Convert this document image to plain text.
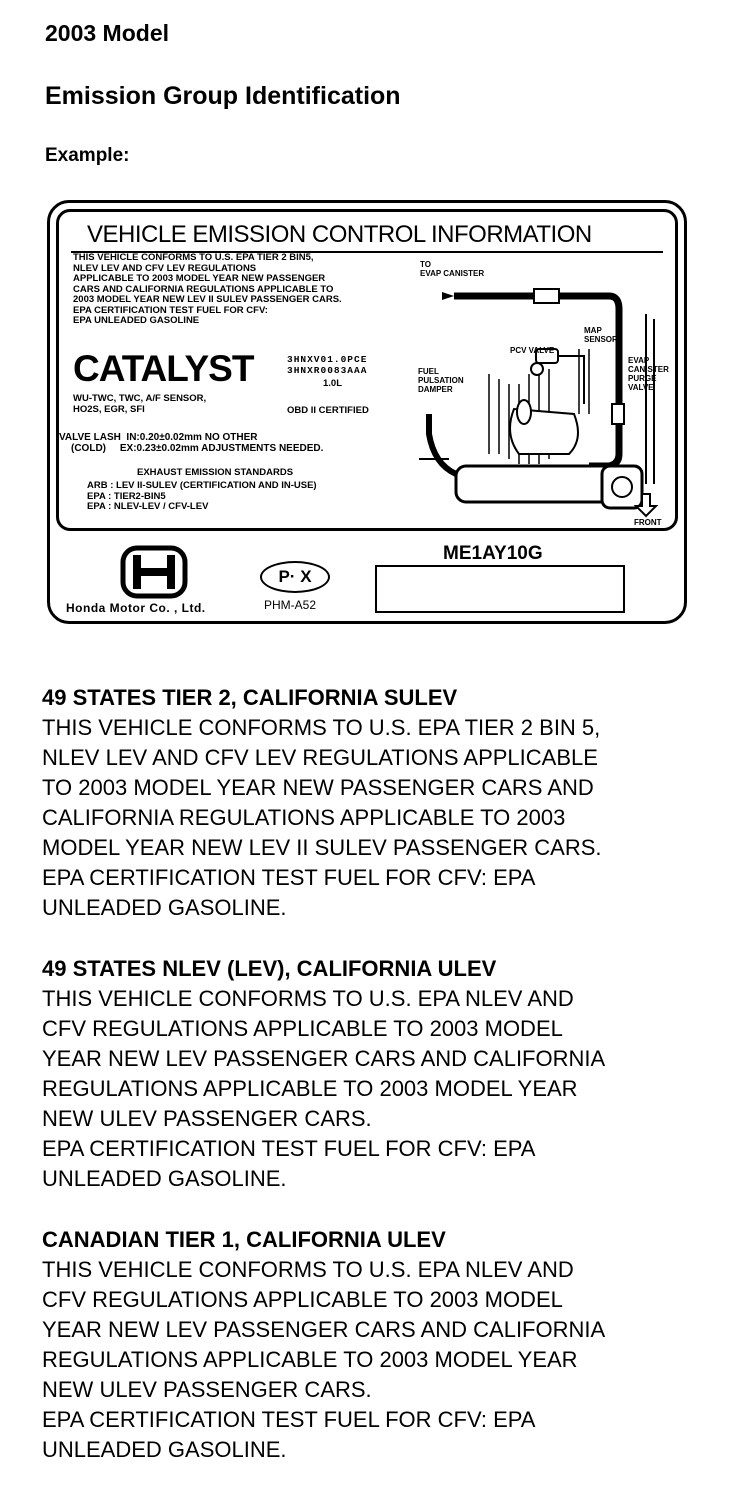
2003 Model
Emission Group Identification
Example:
VEHICLE EMISSION CONTROL INFORMATION
THIS VEHICLE CONFORMS TO U.S. EPA TIER 2 BIN5,
NLEV LEV AND CFV LEV REGULATIONS
APPLICABLE TO 2003 MODEL YEAR NEW PASSENGER
CARS AND CALIFORNIA REGULATIONS APPLICABLE TO
2003 MODEL YEAR NEW LEV II SULEV PASSENGER CARS.
EPA CERTIFICATION TEST FUEL FOR CFV:
EPA UNLEADED GASOLINE
CATALYST	3HNXV01.0PCE
3HNXR0083AAA
1.0L
WU-TWC, TWC, A/F SENSOR,
HO2S, EGR, SFI	OBD II CERTIFIED
VALVE LASH  IN:0.20±0.02mm NO OTHER
(COLD)     EX:0.23±0.02mm ADJUSTMENTS NEEDED.
EXHAUST EMISSION STANDARDS
ARB : LEV II-SULEV (CERTIFICATION AND IN-USE)
EPA : TIER2-BIN5
EPA : NLEV-LEV / CFV-LEV
TO
EVAP CANISTER
MAP
SENSOR
PCV VALVE
FUEL
PULSATION
DAMPER
EVAP
CANISTER
PURGE
VALVE
FRONT
Honda Motor Co. , Ltd.
P· X
PHM-A52
ME1AY10G
49 STATES TIER 2, CALIFORNIA SULEV
THIS VEHICLE CONFORMS TO U.S. EPA TIER 2 BIN 5,
NLEV LEV AND CFV LEV REGULATIONS APPLICABLE
TO 2003 MODEL YEAR NEW PASSENGER CARS AND
CALIFORNIA REGULATIONS APPLICABLE TO 2003
MODEL YEAR NEW LEV II SULEV PASSENGER CARS.
EPA CERTIFICATION TEST FUEL FOR CFV: EPA
UNLEADED GASOLINE.
49 STATES NLEV (LEV), CALIFORNIA ULEV
THIS VEHICLE CONFORMS TO U.S. EPA NLEV AND
CFV REGULATIONS APPLICABLE TO 2003 MODEL
YEAR NEW LEV PASSENGER CARS AND CALIFORNIA
REGULATIONS APPLICABLE TO 2003 MODEL YEAR
NEW ULEV PASSENGER CARS.
EPA CERTIFICATION TEST FUEL FOR CFV: EPA
UNLEADED GASOLINE.
CANADIAN TIER 1, CALIFORNIA ULEV
THIS VEHICLE CONFORMS TO U.S. EPA NLEV AND
CFV REGULATIONS APPLICABLE TO 2003 MODEL
YEAR NEW LEV PASSENGER CARS AND CALIFORNIA
REGULATIONS APPLICABLE TO 2003 MODEL YEAR
NEW ULEV PASSENGER CARS.
EPA CERTIFICATION TEST FUEL FOR CFV: EPA
UNLEADED GASOLINE.
